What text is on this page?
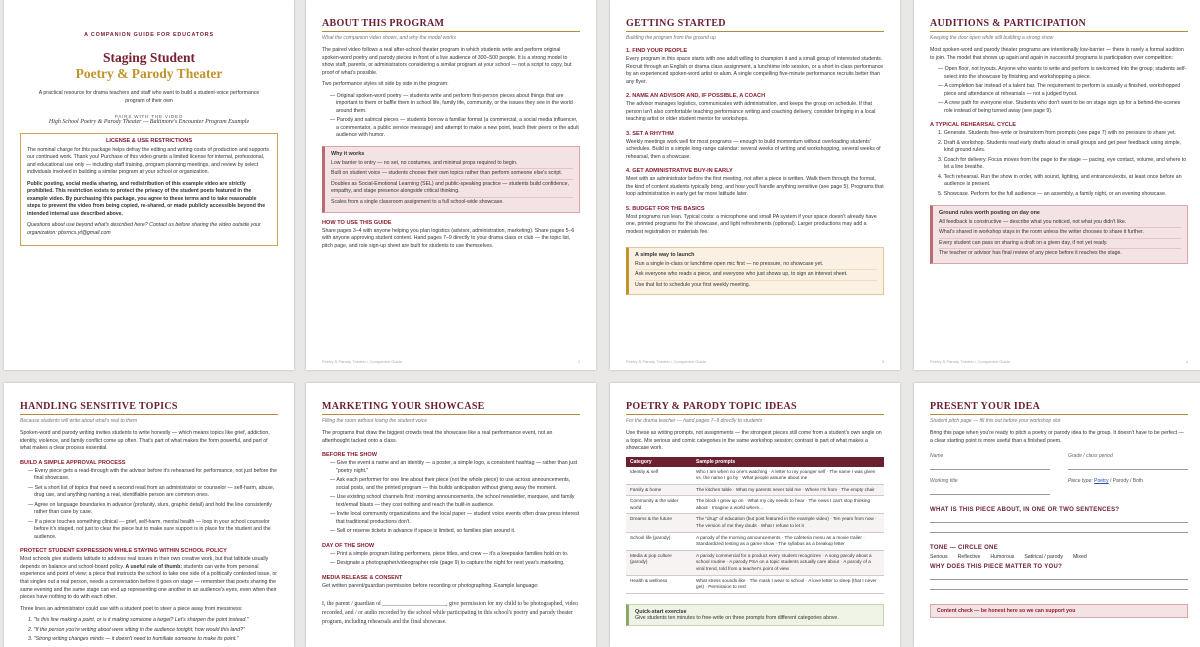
A COMPANION GUIDE FOR EDUCATORS
Staging Student
Poetry & Parody Theater
A practical resource for drama teachers and staff who want to build a student-voice performance program of their own
PAIRS WITH THE VIDEO
High School Poetry & Parody Theater — Baltimore's Encounter Program Example
LICENSE & USE RESTRICTIONS

The nominal charge for this package helps defray the editing and writing costs of production and supports our continued work. Thank you! Purchase of this video grants a limited license for internal, professional, and educational use only — including staff training, program planning meetings, and review by select individuals involved in building a similar program at your school or organization.

Public posting, social media sharing, and redistribution of this example video are strictly prohibited. This restriction exists to protect the privacy of the student poets featured in the example video. By purchasing this package, you agree to these terms and to take reasonable steps to prevent the video from being copied, re-shared, or made publicly accessible beyond the intended internal use described above.

Questions about use beyond what's described here? Contact us before sharing the video outside your organization: pbsrncs.yt@gmail.com

ABOUT THIS PROGRAM
What the companion video shows, and why the model works

The paired video follows a real after-school theater program in which students write and perform original spoken-word poetry and parody pieces in front of a live audience of 300–500 people. It is a strong model to show staff, parents, or administrators considering a similar program at your school — not a script to copy, but proof of what's possible.

Two performance styles sit side by side in the program:

— Original spoken-word poetry — students write and perform first-person pieces about things that are important to them or baffle them in school life, family life, community, or the issues they see in the world around them.
— Parody and satirical pieces — students borrow a familiar format (a commercial, a social media influencer, a commentator, a public service message) and attempt to make a new point, teach their peers or the adult audience with humor.
Why it works
Low barrier to entry — no set, no costumes, and minimal props required to begin.
Built on student voice — students choose their own topics rather than perform someone else's script.
Doubles as Social-Emotional Learning (SEL) and public-speaking practice — students build confidence, empathy, and stage presence alongside critical thinking.
Scales from a single classroom assignment to a full school-wide showcase.
HOW TO USE THIS GUIDE

Share pages 3–4 with anyone helping you plan logistics (advisor, administration, marketing). Share pages 5–6 with anyone approving student content. Hand pages 7–9 directly to your drama class or club — the topic list, pitch page, and role sign-up sheet are built for students to use themselves.

Poetry & Parody Theater • Companion Guide	2
GETTING STARTED
Building the program from the ground up
1. FIND YOUR PEOPLE

Every program in this space starts with one adult willing to champion it and a small group of interested students. Recruit through an English or drama class assignment, a lunchtime info session, or a short in-class performance by an experienced spoken-word artist or alum. A single compelling five-minute performance recruits better than any flyer.

2. NAME AN ADVISOR AND, IF POSSIBLE, A COACH

The advisor manages logistics, communicates with administration, and keeps the group on schedule. If that person isn't also comfortable teaching performance writing and coaching delivery, consider bringing in a local teaching artist or older student mentor for workshops.

3. SET A RHYTHM

Weekly meetings work well for most programs — enough to build momentum without overloading students' schedules. Build in a simple long-range calendar: several weeks of writing and workshopping, several weeks of rehearsal, then a showcase.

4. GET ADMINISTRATIVE BUY-IN EARLY

Meet with an administrator before the first meeting, not after a piece is written. Walk them through the format, the kind of content students typically bring, and how you'll handle anything sensitive (see page 5). Programs that loop administration in early get far more latitude later.

5. BUDGET FOR THE BASICS

Most programs run lean. Typical costs: a microphone and small PA system if your space doesn't already have one, printed programs for the showcase, and light refreshments (optional). Larger productions may add a modest registration or materials fee.

A simple way to launch
Run a single in-class or lunchtime open mic first — no pressure, no showcase yet.
Ask everyone who reads a piece, and everyone who just shows up, to sign an interest sheet.
Use that list to schedule your first weekly meeting.
Poetry & Parody Theater • Companion Guide	3
AUDITIONS & PARTICIPATION
Keeping the door open while still building a strong show

Most spoken-word and parody theater programs are intentionally low-barrier — there is rarely a formal audition to join. The model that shows up again and again in successful programs is participation over competition:

— Open floor, not tryouts. Anyone who wants to write and perform is welcomed into the group; students self-select into the showcase by finishing and workshopping a piece.
— A completion bar instead of a talent bar. The requirement to perform is usually a finished, workshopped piece and attendance at rehearsals — not a judged tryout.
— A crew path for everyone else. Students who don't want to be on stage sign up for a behind-the-scenes role instead of being turned away (see page 9).
A TYPICAL REHEARSAL CYCLE
1. Generate. Students free-write or brainstorm from prompts (see page 7) with no pressure to share yet.
2. Draft & workshop. Students read early drafts aloud in small groups and get peer feedback using simple, kind ground rules.
3. Coach for delivery. Focus moves from the page to the stage — pacing, eye contact, volume, and where to let a line breathe.
4. Tech rehearsal. Run the show in order, with sound, lighting, and entrances/exits, at least once before an audience is present.
5. Showcase. Perform for the full audience — an assembly, a family night, or an evening showcase.
Ground rules worth posting on day one
All feedback is constructive — describe what you noticed, not what you didn't like.
What's shared in workshop stays in the room unless the writer chooses to share it further.
Every student can pass on sharing a draft on a given day, if not yet ready.
The teacher or advisor has final review of any piece before it reaches the stage.
Poetry & Parody Theater • Companion Guide	4
HANDLING SENSITIVE TOPICS
Because students will write about what's real to them

Spoken-word and parody writing invites students to write honestly — which means topics like grief, addiction, identity, violence, and family conflict come up often. That's part of what makes the form powerful, and part of what makes a clear process essential.

BUILD A SIMPLE APPROVAL PROCESS
— Every piece gets a read-through with the advisor before it's rehearsed for performance, not just before the final showcase.
— Set a short list of topics that need a second read from an administrator or counselor — self-harm, abuse, drug use, and anything naming a real, identifiable person are common ones.
— Agree on language boundaries in advance (profanity, slurs, graphic detail) and hold the line consistently rather than case by case.
— If a piece touches something clinical — grief, self-harm, mental health — loop in your school counselor before it's staged, not just to clear the piece but to make sure support is in place for the student and the audience.
PROTECT STUDENT EXPRESSION WHILE STAYING WITHIN SCHOOL POLICY

Most schools give students latitude to address real issues in their own creative work, but that latitude usually depends on balance and school-board policy. A useful rule of thumb: students can write from personal experience and point of view; a piece that instructs the school to take one side of a politically contested issue, or that singles out a real person, needs a conversation before it goes on stage — remember that poets sharing the same evening and the same stage can end up representing one another in an audience's eyes, even when their pieces have nothing to do with each other.

Three lines an administrator could use with a student poet to steer a piece away from messiness:

1. "Is this line making a point, or is it making someone a target? Let's sharpen the point instead."
2. "If the person you're writing about were sitting in the audience tonight, how would this land?"
3. "Strong writing changes minds — it doesn't need to humiliate someone to make its point."
MARKETING YOUR SHOWCASE
Filling the room without losing the student voice

The programs that draw the biggest crowds treat the showcase like a real performance event, not an afterthought tacked onto a class.

BEFORE THE SHOW
— Give the event a name and an identity — a poster, a simple logo, a consistent hashtag — rather than just "poetry night."
— Ask each performer for one line about their piece (not the whole piece) to use across announcements, social posts, and the printed program — this builds anticipation without giving away the moment.
— Use existing school channels first: morning announcements, the school newsletter, marquee, and family text/email blasts — they cost nothing and reach the built-in audience.
— Invite local community organizations and the local paper — student voice events often draw press interest that traditional productions don't.
— Sell or reserve tickets in advance if space is limited, so families plan around it.
DAY OF THE SHOW
— Print a simple program listing performers, piece titles, and crew — it's a keepsake families hold on to.
— Designate a photographer/videographer role (page 9) to capture the night for next year's marketing.
MEDIA RELEASE & CONSENT

Get written parent/guardian permission before recording or photographing. Example language:

I, the parent / guardian of ______________________, give permission for my child to be photographed, video recorded, and / or audio recorded by the school while participating in this school's poetry and parody theater program, including rehearsals and the final showcase.
POETRY & PARODY TOPIC IDEAS
For the drama teacher — hand pages 7–9 directly to students

Use these as writing prompts, not assignments — the strongest pieces still come from a student's own angle on a topic. Mix serious and comic categories in the same workshop session; contrast is part of what makes a showcase work.

Category	Sample prompts
Identity & self	Who I am when no one's watching · A letter to my younger self · The name I was given vs. the name I go by · What people assume about me
Family & home	The kitchen table · What my parents never told me · Where I'm from · The empty chair
Community & the wider world	The block I grew up on · What my city needs to hear · The news I can't stop thinking about · Imagine a world where...
Dreams & the future	The "drug" of education (but post featured in the example video) · Ten years from now · The version of me they doubt · What I refuse to let it
School life (parody)	A parody of the morning announcements · The cafeteria menu as a movie trailer · Standardized testing as a game show · The syllabus as a breakup letter
Media & pop culture (parody)	A parody commercial for a product every student recognizes · A song parody about a school routine · A parody PSA on a topic students actually care about · A parody of a viral trend, told from a teacher's point of view
Health & wellness	What stress sounds like · The mask I wear to school · A love letter to sleep (that I never get) · Permission to rest
Quick-start exercise
Give students ten minutes to free-write on three prompts from different categories above.
PRESENT YOUR IDEA
Student pitch page — fill this out before your workshop slot

Bring this page when you're ready to pitch a poetry or parody idea to the group. It doesn't have to be perfect — a clear starting point is more useful than a finished poem.

Name	Grade / class period
Working title	Piece type: Poetry / Parody / Both
WHAT IS THIS PIECE ABOUT, IN ONE OR TWO SENTENCES?
TONE — CIRCLE ONE
Serious Reflective Humorous Satirical / parody Mixed
WHY DOES THIS PIECE MATTER TO YOU?
Content check — be honest here so we can support you
